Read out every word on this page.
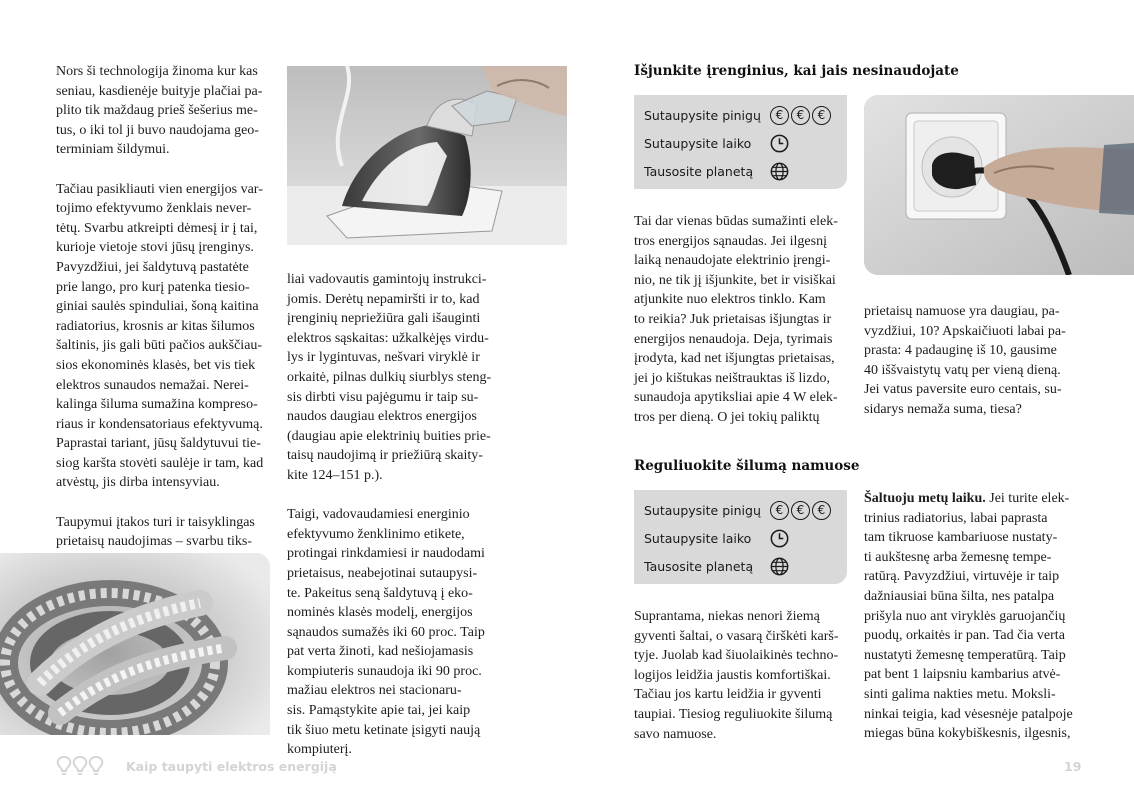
Nors ši technologija žinoma kur kas
seniau, kasdienėje buityje plačiai pa-
plito tik maždaug prieš šešerius me-
tus, o iki tol ji buvo naudojama geo-
terminiam šildymui.

Tačiau pasikliauti vien energijos var-
tojimo efektyvumo ženklais never-
tėtų. Svarbu atkreipti dėmesį ir į tai,
kurioje vietoje stovi jūsų įrenginys.
Pavyzdžiui, jei šaldytuvą pastatėte
prie lango, pro kurį patenka tiesio-
giniai saulės spinduliai, šoną kaitina
radiatorius, krosnis ar kitas šilumos
šaltinis, jis gali būti pačios aukščiau-
sios ekonominės klasės, bet vis tiek
elektros sunaudos nemažai. Nerei-
kalinga šiluma sumažina kompreso-
riaus ir kondensatoriaus efektyvumą.
Paprastai tariant, jūsų šaldytuvui tie-
siog karšta stovėti saulėje ir tam, kad
atvėstų, jis dirba intensyviau.

Taupymui įtakos turi ir taisyklingas
prietaisų naudojimas – svarbu tiks-
liai vadovautis gamintojų instrukci-
jomis. Derėtų nepamiršti ir to, kad
įrenginių nepriežiūra gali išauginti
elektros sąskaitas: užkalkėjęs virdu-
lys ir lygintuvas, nešvari viryklė ir
orkaitė, pilnas dulkių siurblys steng-
sis dirbti visu pajėgumu ir taip su-
naudos daugiau elektros energijos
(daugiau apie elektrinių buities prie-
taisų naudojimą ir priežiūrą skaity-
kite 124–151 p.).

Taigi, vadovaudamiesi energinio
efektyvumo ženklinimo etikete,
protingai rinkdamiesi ir naudodami
prietaisus, neabejotinai sutaupysi-
te. Pakeitus seną šaldytuvą į eko-
nominės klasės modelį, energijos
sąnaudos sumažės iki 60 proc. Taip
pat verta žinoti, kad nešiojamasis
kompiuteris sunaudoja iki 90 proc.
mažiau elektros nei stacionaru-
sis. Pamąstykite apie tai, jei kaip
tik šiuo metu ketinate įsigyti naują
kompiuterį.
Išjunkite įrenginius, kai jais nesinaudojate
Sutaupysite pinigų	€	€	€
Sutaupysite laiko
Tausosite planetą
Tai dar vienas būdas sumažinti elek-
tros energijos sąnaudas. Jei ilgesnį
laiką nenaudojate elektrinio įrengi-
nio, ne tik jį išjunkite, bet ir visiškai
atjunkite nuo elektros tinklo. Kam
to reikia? Juk prietaisas išjungtas ir
energijos nenaudoja. Deja, tyrimais
įrodyta, kad net išjungtas prietaisas,
jei jo kištukas neištrauktas iš lizdo,
sunaudoja apytiksliai apie 4 W elek-
tros per dieną. O jei tokių paliktų
prietaisų namuose yra daugiau, pa-
vyzdžiui, 10? Apskaičiuoti labai pa-
prasta: 4 padauginę iš 10, gausime
40 iššvaistytų vatų per vieną dieną.
Jei vatus paversite euro centais, su-
sidarys nemaža suma, tiesa?
Reguliuokite šilumą namuose
Sutaupysite pinigų	€	€	€
Sutaupysite laiko
Tausosite planetą
Suprantama, niekas nenori žiemą
gyventi šaltai, o vasarą čirškėti karš-
tyje. Juolab kad šiuolaikinės techno-
logijos leidžia jaustis komfortiškai.
Tačiau jos kartu leidžia ir gyventi
taupiai. Tiesiog reguliuokite šilumą
savo namuose.
Šaltuoju metų laiku. Jei turite elek-
trinius radiatorius, labai paprasta
tam tikruose kambariuose nustaty-
ti aukštesnę arba žemesnę tempe-
ratūrą. Pavyzdžiui, virtuvėje ir taip
dažniausiai būna šilta, nes patalpa
prišyla nuo ant viryklės garuojančių
puodų, orkaitės ir pan. Tad čia verta
nustatyti žemesnę temperatūrą. Taip
pat bent 1 laipsniu kambarius atvė-
sinti galima nakties metu. Moksli-
ninkai teigia, kad vėsesnėje patalpoje
miegas būna kokybiškesnis, ilgesnis,
Kaip taupyti elektros energiją	19
